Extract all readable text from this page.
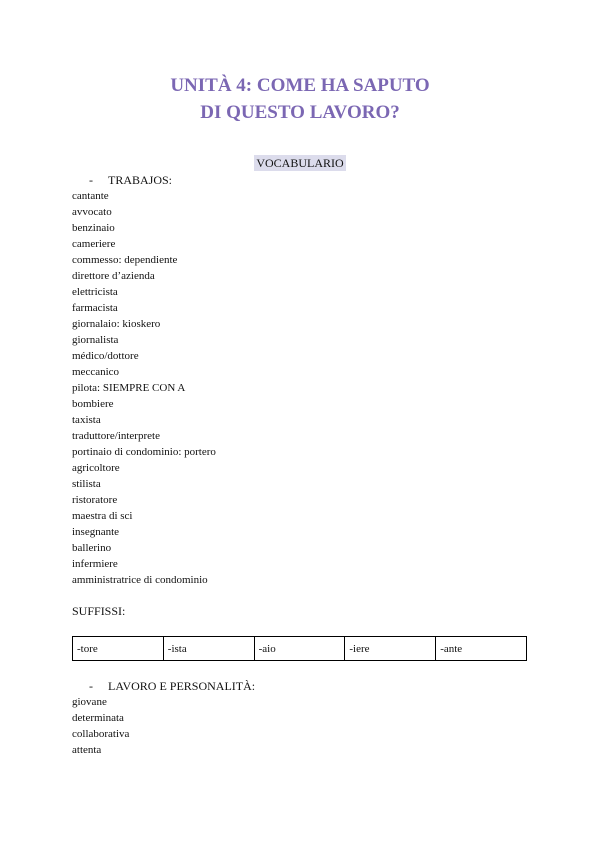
UNITÀ 4: COME HA SAPUTO
DI QUESTO LAVORO?
VOCABULARIO
- TRABAJOS:
cantante
avvocato
benzinaio
cameriere
commesso: dependiente
direttore d’azienda
elettricista
farmacista
giornalaio: kioskero
giornalista
médico/dottore
meccanico
pilota: SIEMPRE CON A
bombiere
taxista
traduttore/interprete
portinaio di condominio: portero
agricoltore
stilista
ristoratore
maestra di sci
insegnante
ballerino
infermiere
amministratrice di condominio
SUFFISSI:
-tore	-ista	-aio	-iere	-ante
- LAVORO E PERSONALITÀ:
giovane
determinata
collaborativa
attenta
